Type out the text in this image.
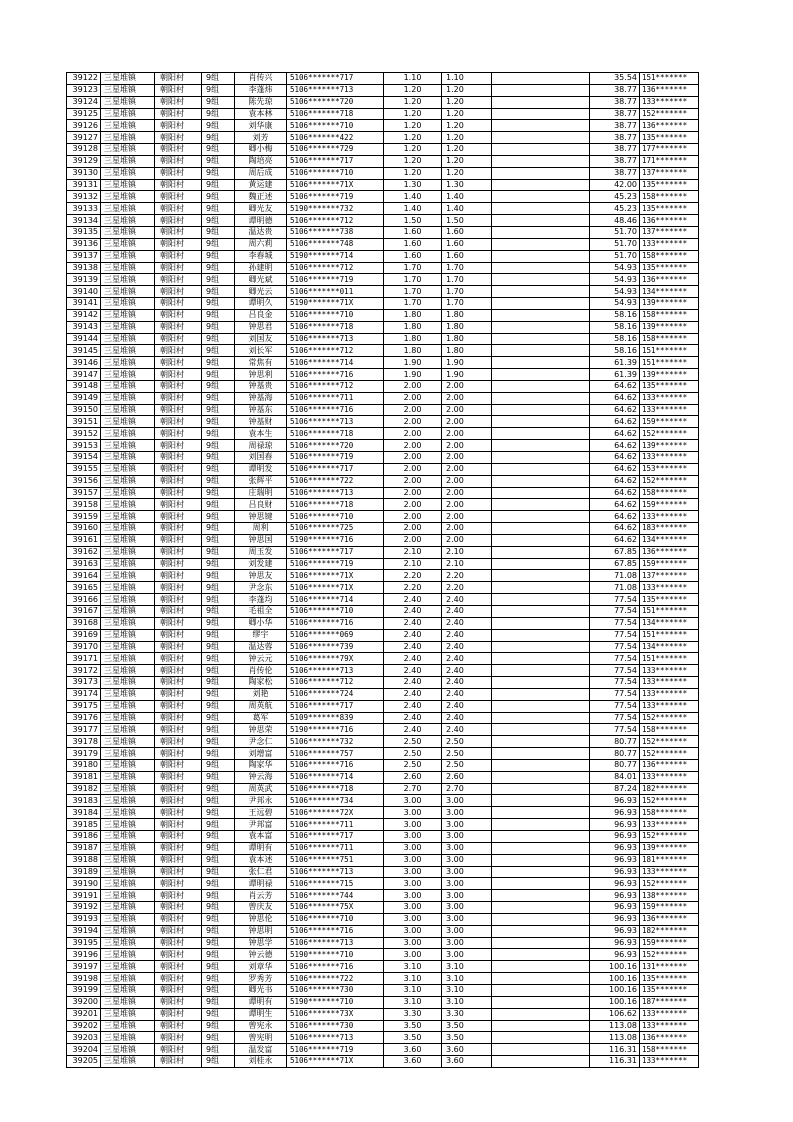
39122	三星堆镇	朝阳村	9组	肖传兴	5106*******717	1.10	1.10		35.54	151*******
39123	三星堆镇	朝阳村	9组	李蓬炜	5106*******713	1.20	1.20		38.77	136*******
39124	三星堆镇	朝阳村	9组	陈先琼	5106*******720	1.20	1.20		38.77	133*******
39125	三星堆镇	朝阳村	9组	袁本林	5106*******718	1.20	1.20		38.77	152*******
39126	三星堆镇	朝阳村	9组	刘华康	5106*******710	1.20	1.20		38.77	136*******
39127	三星堆镇	朝阳村	9组	刘芳	5106*******422	1.20	1.20		38.77	135*******
39128	三星堆镇	朝阳村	9组	卿小梅	5106*******729	1.20	1.20		38.77	177*******
39129	三星堆镇	朝阳村	9组	陶培亮	5106*******717	1.20	1.20		38.77	171*******
39130	三星堆镇	朝阳村	9组	周后成	5106*******710	1.20	1.20		38.77	137*******
39131	三星堆镇	朝阳村	9组	黄运建	5106*******71X	1.30	1.30		42.00	135*******
39132	三星堆镇	朝阳村	9组	魏正述	5106*******719	1.40	1.40		45.23	158*******
39133	三星堆镇	朝阳村	9组	卿光友	5190*******732	1.40	1.40		45.23	135*******
39134	三星堆镇	朝阳村	9组	谭明德	5106*******712	1.50	1.50		48.46	136*******
39135	三星堆镇	朝阳村	9组	温达贵	5106*******738	1.60	1.60		51.70	137*******
39136	三星堆镇	朝阳村	9组	周六莉	5106*******748	1.60	1.60		51.70	133*******
39137	三星堆镇	朝阳村	9组	李春城	5190*******714	1.60	1.60		51.70	158*******
39138	三星堆镇	朝阳村	9组	孙建明	5106*******712	1.70	1.70		54.93	135*******
39139	三星堆镇	朝阳村	9组	卿光斌	5106*******719	1.70	1.70		54.93	136*******
39140	三星堆镇	朝阳村	9组	卿光云	5106*******011	1.70	1.70		54.93	134*******
39141	三星堆镇	朝阳村	9组	谭明久	5190*******71X	1.70	1.70		54.93	139*******
39142	三星堆镇	朝阳村	9组	吕良金	5106*******710	1.80	1.80		58.16	158*******
39143	三星堆镇	朝阳村	9组	钟思君	5106*******718	1.80	1.80		58.16	139*******
39144	三星堆镇	朝阳村	9组	刘国友	5106*******713	1.80	1.80		58.16	158*******
39145	三星堆镇	朝阳村	9组	刘长军	5106*******712	1.80	1.80		58.16	151*******
39146	三星堆镇	朝阳村	9组	常焦有	5106*******714	1.90	1.90		61.39	151*******
39147	三星堆镇	朝阳村	9组	钟思利	5106*******716	1.90	1.90		61.39	139*******
39148	三星堆镇	朝阳村	9组	钟基贵	5106*******712	2.00	2.00		64.62	135*******
39149	三星堆镇	朝阳村	9组	钟基海	5106*******711	2.00	2.00		64.62	133*******
39150	三星堆镇	朝阳村	9组	钟基东	5106*******716	2.00	2.00		64.62	133*******
39151	三星堆镇	朝阳村	9组	钟基财	5106*******713	2.00	2.00		64.62	159*******
39152	三星堆镇	朝阳村	9组	袁本生	5106*******718	2.00	2.00		64.62	152*******
39153	三星堆镇	朝阳村	9组	周禄琼	5106*******720	2.00	2.00		64.62	139*******
39154	三星堆镇	朝阳村	9组	刘国春	5106*******719	2.00	2.00		64.62	133*******
39155	三星堆镇	朝阳村	9组	谭明发	5106*******717	2.00	2.00		64.62	153*******
39156	三星堆镇	朝阳村	9组	张辉平	5106*******722	2.00	2.00		64.62	152*******
39157	三星堆镇	朝阳村	9组	庄瑞明	5106*******713	2.00	2.00		64.62	158*******
39158	三星堆镇	朝阳村	9组	吕良财	5106*******718	2.00	2.00		64.62	159*******
39159	三星堆镇	朝阳村	9组	钟思键	5106*******710	2.00	2.00		64.62	133*******
39160	三星堆镇	朝阳村	9组	周利	5106*******725	2.00	2.00		64.62	183*******
39161	三星堆镇	朝阳村	9组	钟思国	5190*******716	2.00	2.00		64.62	134*******
39162	三星堆镇	朝阳村	9组	周玉发	5106*******717	2.10	2.10		67.85	136*******
39163	三星堆镇	朝阳村	9组	刘发建	5106*******719	2.10	2.10		67.85	159*******
39164	三星堆镇	朝阳村	9组	钟思友	5106*******71X	2.20	2.20		71.08	137*******
39165	三星堆镇	朝阳村	9组	尹念东	5106*******71X	2.20	2.20		71.08	133*******
39166	三星堆镇	朝阳村	9组	李蓬均	5106*******714	2.40	2.40		77.54	135*******
39167	三星堆镇	朝阳村	9组	毛祖全	5106*******710	2.40	2.40		77.54	151*******
39168	三星堆镇	朝阳村	9组	卿小华	5106*******716	2.40	2.40		77.54	134*******
39169	三星堆镇	朝阳村	9组	缪宇	5106*******069	2.40	2.40		77.54	151*******
39170	三星堆镇	朝阳村	9组	温达蓉	5106*******739	2.40	2.40		77.54	134*******
39171	三星堆镇	朝阳村	9组	钟云元	5106*******79X	2.40	2.40		77.54	151*******
39172	三星堆镇	朝阳村	9组	肖传伦	5106*******713	2.40	2.40		77.54	133*******
39173	三星堆镇	朝阳村	9组	陶家松	5106*******712	2.40	2.40		77.54	133*******
39174	三星堆镇	朝阳村	9组	刘艳	5106*******724	2.40	2.40		77.54	133*******
39175	三星堆镇	朝阳村	9组	周英航	5106*******717	2.40	2.40		77.54	133*******
39176	三星堆镇	朝阳村	9组	葛军	5109*******839	2.40	2.40		77.54	152*******
39177	三星堆镇	朝阳村	9组	钟思荣	5190*******716	2.40	2.40		77.54	158*******
39178	三星堆镇	朝阳村	9组	尹念仁	5106*******732	2.50	2.50		80.77	152*******
39179	三星堆镇	朝阳村	9组	刘增富	5106*******757	2.50	2.50		80.77	152*******
39180	三星堆镇	朝阳村	9组	陶家华	5106*******716	2.50	2.50		80.77	136*******
39181	三星堆镇	朝阳村	9组	钟云海	5106*******714	2.60	2.60		84.01	133*******
39182	三星堆镇	朝阳村	9组	周英武	5106*******718	2.70	2.70		87.24	182*******
39183	三星堆镇	朝阳村	9组	尹邦永	5106*******734	3.00	3.00		96.93	152*******
39184	三星堆镇	朝阳村	9组	王远碧	5106*******72X	3.00	3.00		96.93	158*******
39185	三星堆镇	朝阳村	9组	尹邦富	5106*******711	3.00	3.00		96.93	133*******
39186	三星堆镇	朝阳村	9组	袁本富	5106*******717	3.00	3.00		96.93	152*******
39187	三星堆镇	朝阳村	9组	谭明有	5106*******711	3.00	3.00		96.93	139*******
39188	三星堆镇	朝阳村	9组	袁本述	5106*******751	3.00	3.00		96.93	181*******
39189	三星堆镇	朝阳村	9组	张仁君	5106*******713	3.00	3.00		96.93	133*******
39190	三星堆镇	朝阳村	9组	谭明禄	5106*******715	3.00	3.00		96.93	152*******
39191	三星堆镇	朝阳村	9组	肖云芳	5106*******744	3.00	3.00		96.93	138*******
39192	三星堆镇	朝阳村	9组	曾庆友	5106*******75X	3.00	3.00		96.93	159*******
39193	三星堆镇	朝阳村	9组	钟思伦	5106*******710	3.00	3.00		96.93	136*******
39194	三星堆镇	朝阳村	9组	钟思明	5106*******716	3.00	3.00		96.93	182*******
39195	三星堆镇	朝阳村	9组	钟思学	5106*******713	3.00	3.00		96.93	159*******
39196	三星堆镇	朝阳村	9组	钟云德	5190*******710	3.00	3.00		96.93	152*******
39197	三星堆镇	朝阳村	9组	刘章华	5106*******716	3.10	3.10		100.16	131*******
39198	三星堆镇	朝阳村	9组	罗秀芳	5106*******722	3.10	3.10		100.16	135*******
39199	三星堆镇	朝阳村	9组	卿光书	5106*******730	3.10	3.10		100.16	135*******
39200	三星堆镇	朝阳村	9组	谭明有	5190*******710	3.10	3.10		100.16	187*******
39201	三星堆镇	朝阳村	9组	谭明生	5106*******73X	3.30	3.30		106.62	133*******
39202	三星堆镇	朝阳村	9组	曾宪永	5106*******730	3.50	3.50		113.08	133*******
39203	三星堆镇	朝阳村	9组	曾宪明	5106*******713	3.50	3.50		113.08	136*******
39204	三星堆镇	朝阳村	9组	温发富	5106*******719	3.60	3.60		116.31	158*******
39205	三星堆镇	朝阳村	9组	刘桂永	5106*******71X	3.60	3.60		116.31	133*******
